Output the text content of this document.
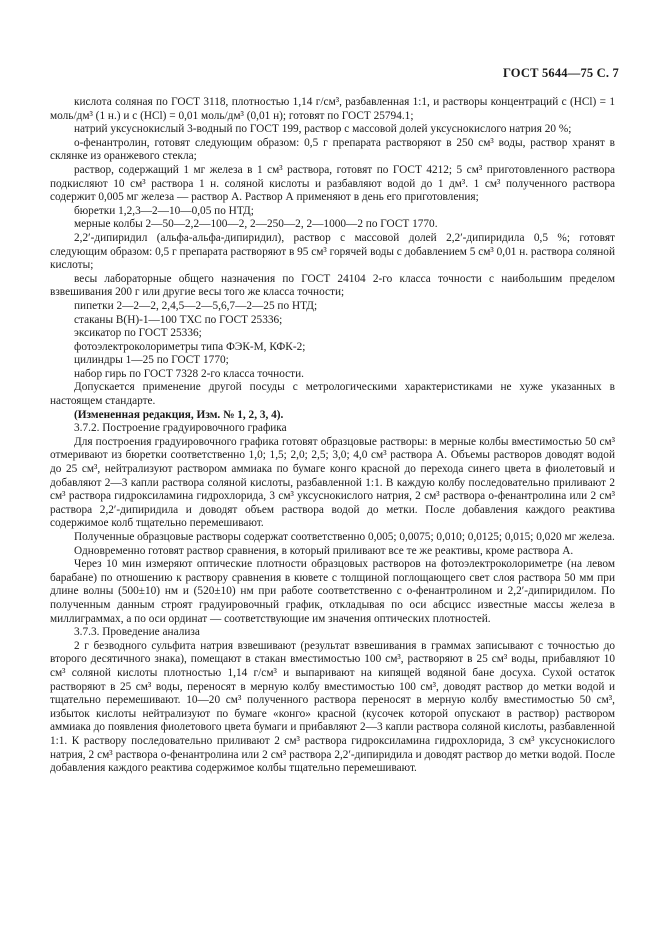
ГОСТ 5644—75 С. 7

кислота соляная по ГОСТ 3118, плотностью 1,14 г/см³, разбавленная 1:1, и растворы концентраций c (HCl) = 1 моль/дм³ (1 н.) и c (HCl) = 0,01 моль/дм³ (0,01 н); готовят по ГОСТ 25794.1;

натрий уксуснокислый 3-водный по ГОСТ 199, раствор с массовой долей уксуснокислого натрия 20 %;

о-фенантролин, готовят следующим образом: 0,5 г препарата растворяют в 250 см³ воды, раствор хранят в склянке из оранжевого стекла;

раствор, содержащий 1 мг железа в 1 см³ раствора, готовят по ГОСТ 4212; 5 см³ приготовленного раствора подкисляют 10 см³ раствора 1 н. соляной кислоты и разбавляют водой до 1 дм³. 1 см³ полученного раствора содержит 0,005 мг железа — раствор А. Раствор А применяют в день его приготовления;

бюретки 1,2,3—2—10—0,05 по НТД;

мерные колбы 2—50—2,2—100—2, 2—250—2, 2—1000—2 по ГОСТ 1770.

2,2′-дипиридил (альфа-альфа-дипиридил), раствор с массовой долей 2,2′-дипиридила 0,5 %; готовят следующим образом: 0,5 г препарата растворяют в 95 см³ горячей воды с добавлением 5 см³ 0,01 н. раствора соляной кислоты;

весы лабораторные общего назначения по ГОСТ 24104 2-го класса точности с наибольшим пределом взвешивания 200 г или другие весы того же класса точности;

пипетки 2—2—2, 2,4,5—2—5,6,7—2—25 по НТД;

стаканы В(Н)-1—100 ТХС по ГОСТ 25336;

эксикатор по ГОСТ 25336;

фотоэлектроколориметры типа ФЭК-М, КФК-2;

цилиндры 1—25 по ГОСТ 1770;

набор гирь по ГОСТ 7328 2-го класса точности.

Допускается применение другой посуды с метрологическими характеристиками не хуже указанных в настоящем стандарте.

(Измененная редакция, Изм. № 1, 2, 3, 4).

3.7.2. Построение градуировочного графика

Для построения градуировочного графика готовят образцовые растворы: в мерные колбы вместимостью 50 см³ отмеривают из бюретки соответственно 1,0; 1,5; 2,0; 2,5; 3,0; 4,0 см³ раствора А. Объемы растворов доводят водой до 25 см³, нейтрализуют раствором аммиака по бумаге конго красной до перехода синего цвета в фиолетовый и добавляют 2—3 капли раствора соляной кислоты, разбавленной 1:1. В каждую колбу последовательно приливают 2 см³ раствора гидроксиламина гидрохлорида, 3 см³ уксуснокислого натрия, 2 см³ раствора о-фенантролина или 2 см³ раствора 2,2′-дипиридила и доводят объем раствора водой до метки. После добавления каждого реактива содержимое колб тщательно перемешивают.

Полученные образцовые растворы содержат соответственно 0,005; 0,0075; 0,010; 0,0125; 0,015; 0,020 мг железа.

Одновременно готовят раствор сравнения, в который приливают все те же реактивы, кроме раствора А.

Через 10 мин измеряют оптические плотности образцовых растворов на фотоэлектроколориметре (на левом барабане) по отношению к раствору сравнения в кювете с толщиной поглощающего свет слоя раствора 50 мм при длине волны (500±10) нм и (520±10) нм при работе соответственно с о-фенантролином и 2,2′-дипиридилом. По полученным данным строят градуировочный график, откладывая по оси абсцисс известные массы железа в миллиграммах, а по оси ординат — соответствующие им значения оптических плотностей.

3.7.3. Проведение анализа

2 г безводного сульфита натрия взвешивают (результат взвешивания в граммах записывают с точностью до второго десятичного знака), помещают в стакан вместимостью 100 см³, растворяют в 25 см³ воды, прибавляют 10 см³ соляной кислоты плотностью 1,14 г/см³ и выпаривают на кипящей водяной бане досуха. Сухой остаток растворяют в 25 см³ воды, переносят в мерную колбу вместимостью 100 см³, доводят раствор до метки водой и тщательно перемешивают. 10—20 см³ полученного раствора переносят в мерную колбу вместимостью 50 см³, избыток кислоты нейтрализуют по бумаге «конго» красной (кусочек которой опускают в раствор) раствором аммиака до появления фиолетового цвета бумаги и прибавляют 2—3 капли раствора соляной кислоты, разбавленной 1:1. К раствору последовательно приливают 2 см³ раствора гидроксиламина гидрохлорида, 3 см³ уксуснокислого натрия, 2 см³ раствора о-фенантролина или 2 см³ раствора 2,2′-дипиридила и доводят раствор до метки водой. После добавления каждого реактива содержимое колбы тщательно перемешивают.
